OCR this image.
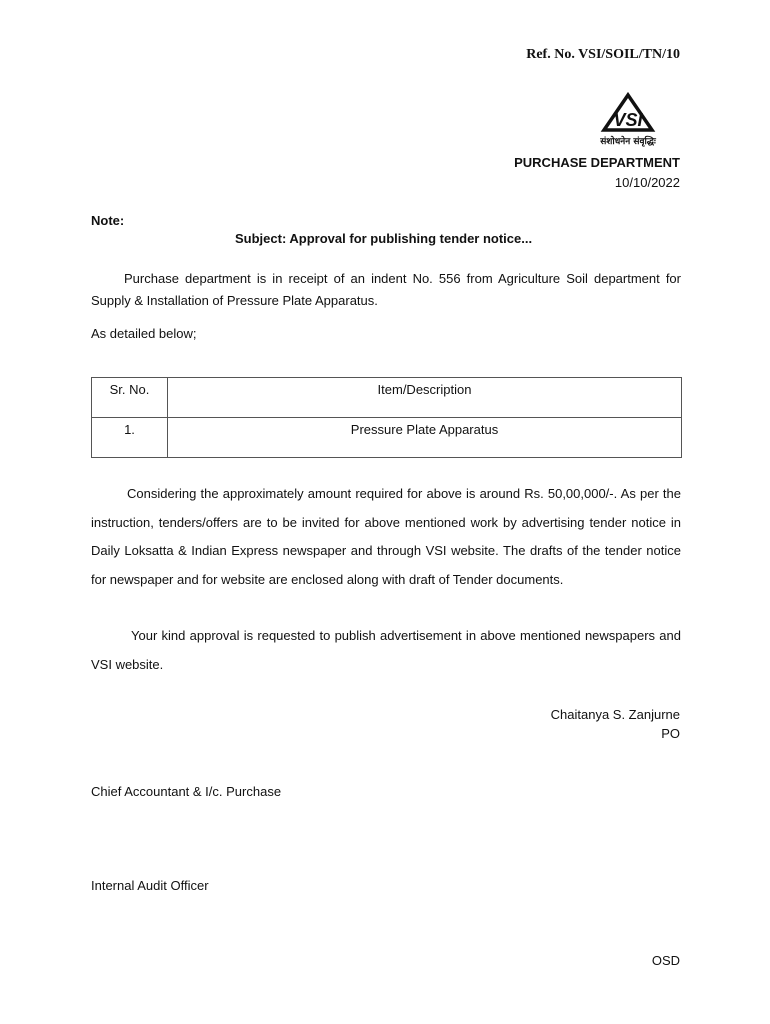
Ref. No. VSI/SOIL/TN/10
VSI
संशोधनेन संवृद्धिः
PURCHASE DEPARTMENT
10/10/2022
Note:
Subject: Approval for publishing tender notice...
Purchase department is in receipt of an indent No. 556 from Agriculture Soil department for Supply & Installation of Pressure Plate Apparatus.
As detailed below;
Sr. No.	Item/Description
1.	Pressure Plate Apparatus
Considering the approximately amount required for above is around Rs. 50,00,000/-. As per the instruction, tenders/offers are to be invited for above mentioned work by advertising tender notice in Daily Loksatta & Indian Express newspaper and through VSI website. The drafts of the tender notice for newspaper and for website are enclosed along with draft of Tender documents.
Your kind approval is requested to publish advertisement in above mentioned newspapers and VSI website.
Chaitanya S. Zanjurne
PO
Chief Accountant & I/c. Purchase
Internal Audit Officer
OSD
